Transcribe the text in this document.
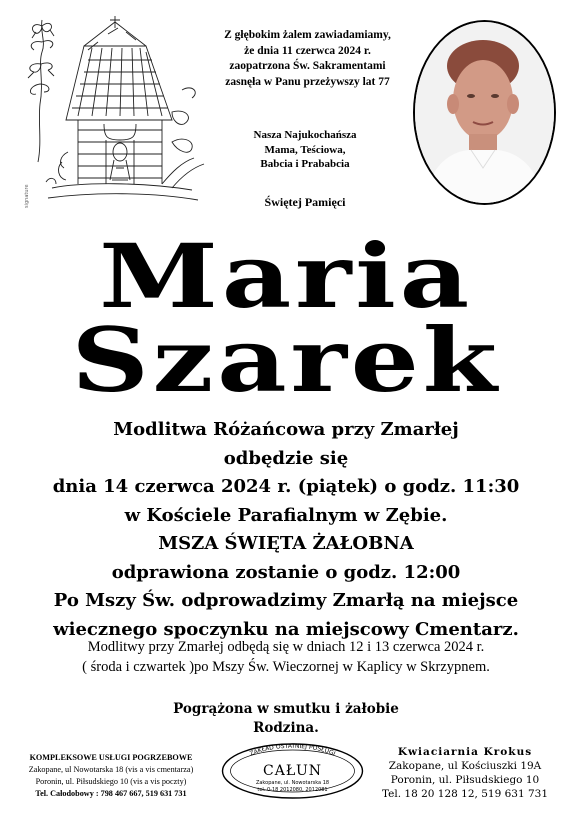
signature
Z głębokim żalem zawiadamiamy,
że dnia 11 czerwca 2024 r.
zaopatrzona Św. Sakramentami
zasnęła w Panu przeżywszy lat 77
Nasza Najukochańsza
Mama, Teściowa,
Babcia i Prababcia
Świętej Pamięci
Maria
Szarek
Modlitwa Różańcowa przy Zmarłej
odbędzie się
dnia 14 czerwca 2024 r. (piątek) o godz. 11:30
w Kościele Parafialnym w Zębie.
MSZA ŚWIĘTA ŻAŁOBNA
odprawiona zostanie o godz. 12:00
Po Mszy Św. odprowadzimy Zmarłą na miejsce
wiecznego spoczynku na miejscowy Cmentarz.
Modlitwy przy Zmarłej odbędą się w dniach 12 i 13 czerwca 2024 r.
( środa i czwartek )po Mszy Św. Wieczornej w Kaplicy w Skrzypnem.
Pogrążona w smutku i żałobie
Rodzina.
KOMPLEKSOWE USŁUGI POGRZEBOWE
Zakopane, ul Nowotarska 18 (vis a vis cmentarza)
Poronin, ul. Piłsudskiego 10 (vis a vis poczty)
Tel. Całodobowy : 798 467 667, 519 631 731
ZAKŁAD OSTATNIEJ POSŁUGI
CAŁUN
Zakopane, ul. Nowotarska 18
tel. 0-18 2012080, 2012081
Kwiaciarnia Krokus
Zakopane, ul Kościuszki 19A
Poronin, ul. Piłsudskiego 10
Tel. 18 20 128 12, 519 631 731
